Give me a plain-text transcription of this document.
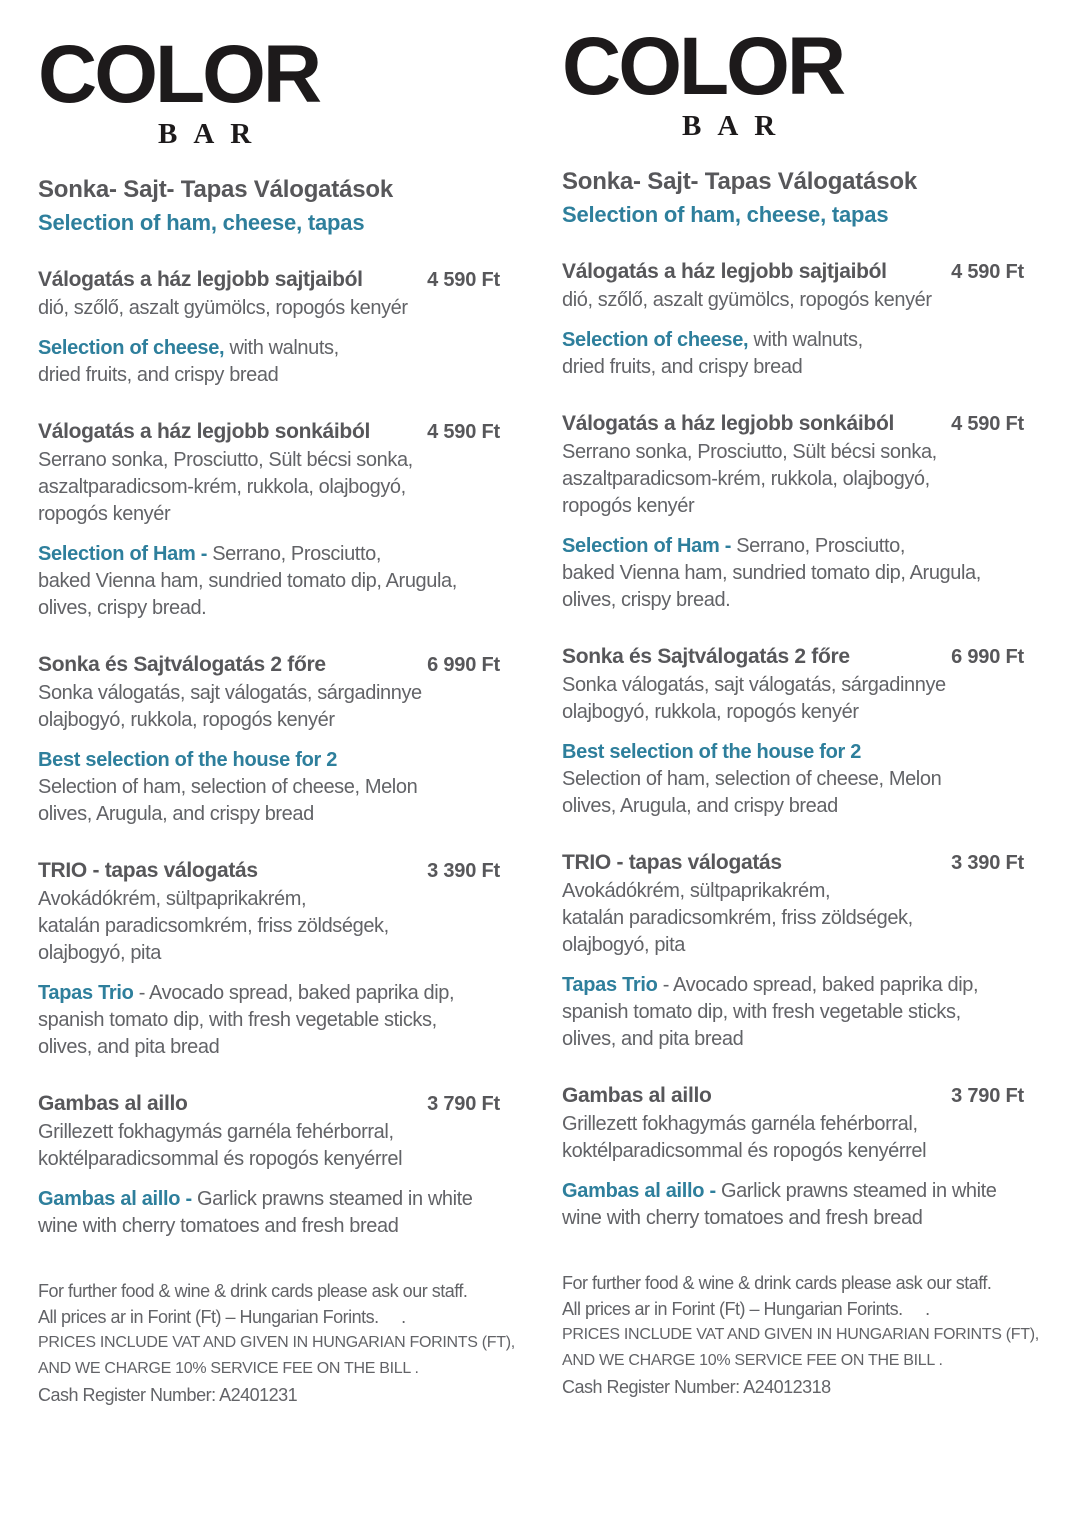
COLOR
BAR
Sonka- Sajt- Tapas Válogatások
Selection of ham, cheese, tapas
Válogatás a ház legjobb sajtjaiból	4 590 Ft
dió, szőlő, aszalt gyümölcs, ropogós kenyér
Selection of cheese, with walnuts,
dried fruits, and crispy bread
Válogatás a ház legjobb sonkáiból	4 590 Ft
Serrano sonka, Prosciutto, Sült bécsi sonka,
aszaltparadicsom-krém, rukkola, olajbogyó,
ropogós kenyér
Selection of Ham - Serrano, Prosciutto,
baked Vienna ham, sundried tomato dip, Arugula,
olives, crispy bread.
Sonka és Sajtválogatás 2 főre	6 990 Ft
Sonka válogatás, sajt válogatás, sárgadinnye
olajbogyó, rukkola, ropogós kenyér
Best selection of the house for 2
Selection of ham, selection of cheese, Melon
olives, Arugula, and crispy bread
TRIO - tapas válogatás	3 390 Ft
Avokádókrém, sültpaprikakrém,
katalán paradicsomkrém, friss zöldségek,
olajbogyó, pita
Tapas Trio - Avocado spread, baked paprika dip,
spanish tomato dip, with fresh vegetable sticks,
olives, and pita bread
Gambas al aillo	3 790 Ft
Grillezett fokhagymás garnéla fehérborral,
koktélparadicsommal és ropogós kenyérrel
Gambas al aillo - Garlick prawns steamed in white
wine with cherry tomatoes and fresh bread
For further food & wine & drink cards please ask our staff.
All prices ar in Forint (Ft) – Hungarian Forints.     .
PRICES INCLUDE VAT AND GIVEN IN HUNGARIAN FORINTS (FT),
AND WE CHARGE 10% SERVICE FEE ON THE BILL .
Cash Register Number: A2401231
COLOR
BAR
Sonka- Sajt- Tapas Válogatások
Selection of ham, cheese, tapas
Válogatás a ház legjobb sajtjaiból	4 590 Ft
dió, szőlő, aszalt gyümölcs, ropogós kenyér
Selection of cheese, with walnuts,
dried fruits, and crispy bread
Válogatás a ház legjobb sonkáiból	4 590 Ft
Serrano sonka, Prosciutto, Sült bécsi sonka,
aszaltparadicsom-krém, rukkola, olajbogyó,
ropogós kenyér
Selection of Ham - Serrano, Prosciutto,
baked Vienna ham, sundried tomato dip, Arugula,
olives, crispy bread.
Sonka és Sajtválogatás 2 főre	6 990 Ft
Sonka válogatás, sajt válogatás, sárgadinnye
olajbogyó, rukkola, ropogós kenyér
Best selection of the house for 2
Selection of ham, selection of cheese, Melon
olives, Arugula, and crispy bread
TRIO - tapas válogatás	3 390 Ft
Avokádókrém, sültpaprikakrém,
katalán paradicsomkrém, friss zöldségek,
olajbogyó, pita
Tapas Trio - Avocado spread, baked paprika dip,
spanish tomato dip, with fresh vegetable sticks,
olives, and pita bread
Gambas al aillo	3 790 Ft
Grillezett fokhagymás garnéla fehérborral,
koktélparadicsommal és ropogós kenyérrel
Gambas al aillo - Garlick prawns steamed in white
wine with cherry tomatoes and fresh bread
For further food & wine & drink cards please ask our staff.
All prices ar in Forint (Ft) – Hungarian Forints.     .
PRICES INCLUDE VAT AND GIVEN IN HUNGARIAN FORINTS (FT),
AND WE CHARGE 10% SERVICE FEE ON THE BILL .
Cash Register Number: A24012318
